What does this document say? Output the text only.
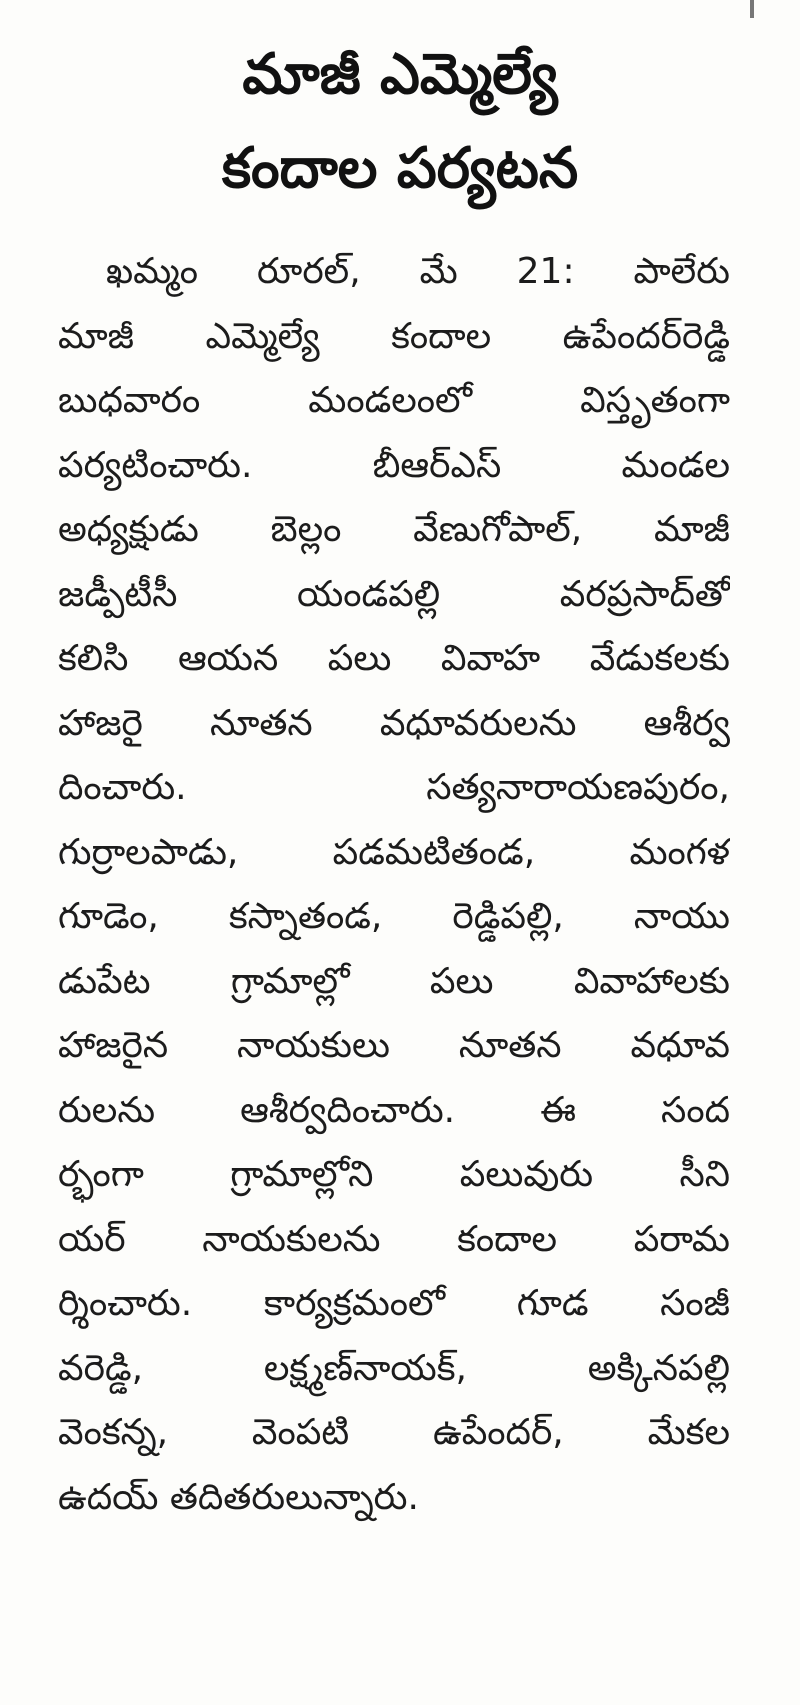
మాజీ ఎమ్మెల్యే
కందాల పర్యటన
ఖమ్మం రూరల్, మే 21: పాలేరు
మాజీ ఎమ్మెల్యే కందాల ఉపేందర్‌రెడ్డి
బుధవారం మండలంలో విస్తృతంగా
పర్యటించారు. బీఆర్ఎస్ మండల
అధ్యక్షుడు బెల్లం వేణుగోపాల్, మాజీ
జడ్పీటీసీ యండపల్లి వరప్రసాద్‌తో
కలిసి ఆయన పలు వివాహ వేడుకలకు
హాజరై నూతన వధూవరులను ఆశీర్వ
దించారు. సత్యనారాయణపురం,
గుర్రాలపాడు, పడమటితండ, మంగళ
గూడెం, కస్నాతండ, రెడ్డిపల్లి, నాయు
డుపేట గ్రామాల్లో పలు వివాహాలకు
హాజరైన నాయకులు నూతన వధూవ
రులను ఆశీర్వదించారు. ఈ సంద
ర్భంగా గ్రామాల్లోని పలువురు సీని
యర్ నాయకులను కందాల పరామ
ర్శించారు. కార్యక్రమంలో గూడ సంజీ
వరెడ్డి, లక్ష్మణ్‌నాయక్, అక్కినపల్లి
వెంకన్న, వెంపటి ఉపేందర్, మేకల
ఉదయ్ తదితరులున్నారు.
